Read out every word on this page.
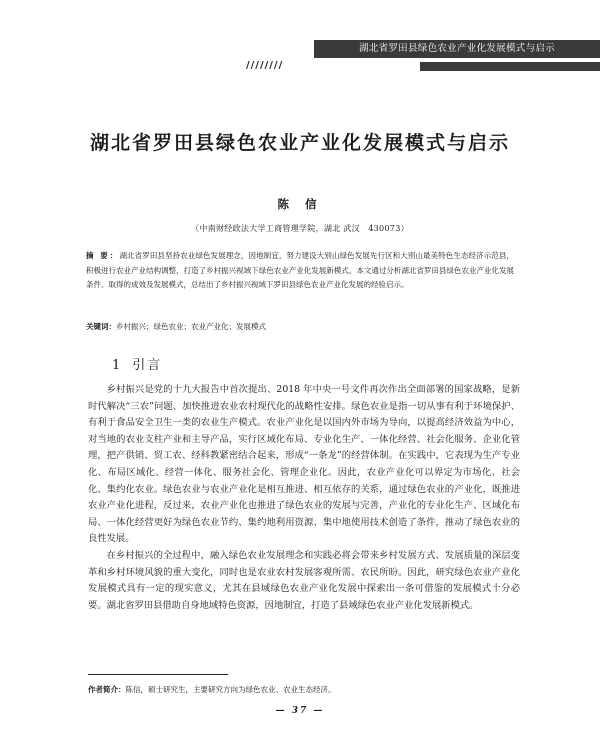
湖北省罗田县绿色农业产业化发展模式与启示
////////
湖北省罗田县绿色农业产业化发展模式与启示
陈 信
（中南财经政法大学工商管理学院，湖北 武汉　430073）
摘 要：湖北省罗田县坚持农业绿色发展理念，因地制宜，努力建设大别山绿色发展先行区和大别山最美特色生态经济示范县，积极进行农业产业结构调整，打造了乡村振兴视域下绿色农业产业化发展新模式。本文通过分析湖北省罗田县绿色农业产业化发展条件、取得的成效及发展模式，总结出了乡村振兴视域下罗田县绿色农业产业化发展的经验启示。
关键词：乡村振兴；绿色农业；农业产业化；发展模式
1 引言

乡村振兴是党的十九大报告中首次提出、2018 年中央一号文件再次作出全面部署的国家战略，是新时代解决“三农”问题、加快推进农业农村现代化的战略性安排。绿色农业是指一切从事有利于环境保护、有利于食品安全卫生一类的农业生产模式。农业产业化是以国内外市场为导向，以提高经济效益为中心，对当地的农业支柱产业和主导产品，实行区域化布局、专业化生产、一体化经营、社会化服务、企业化管理，把产供销、贸工农、经科教紧密结合起来，形成“一条龙”的经营体制。在实践中，它表现为生产专业化、布局区域化、经营一体化、服务社会化、管理企业化。因此，农业产业化可以界定为市场化、社会化、集约化农业。绿色农业与农业产业化是相互推进、相互依存的关系，通过绿色农业的产业化，既推进农业产业化进程，反过来，农业产业化也推进了绿色农业的发展与完善，产业化的专业化生产、区域化布局、一体化经营更好为绿色农业节约、集约地利用资源、集中地使用技术创造了条件，推动了绿色农业的良性发展。

在乡村振兴的全过程中，融入绿色农业发展理念和实践必将会带来乡村发展方式、发展质量的深层变革和乡村环境风貌的重大变化，同时也是农业农村发展客观所需、农民所盼。因此，研究绿色农业产业化发展模式具有一定的现实意义，尤其在县域绿色农业产业化发展中探索出一条可借鉴的发展模式十分必要。湖北省罗田县借助自身地域特色资源，因地制宜，打造了县域绿色农业产业化发展新模式。

作者简介：陈信，硕士研究生，主要研究方向为绿色农业、农业生态经济。
— 37 —
